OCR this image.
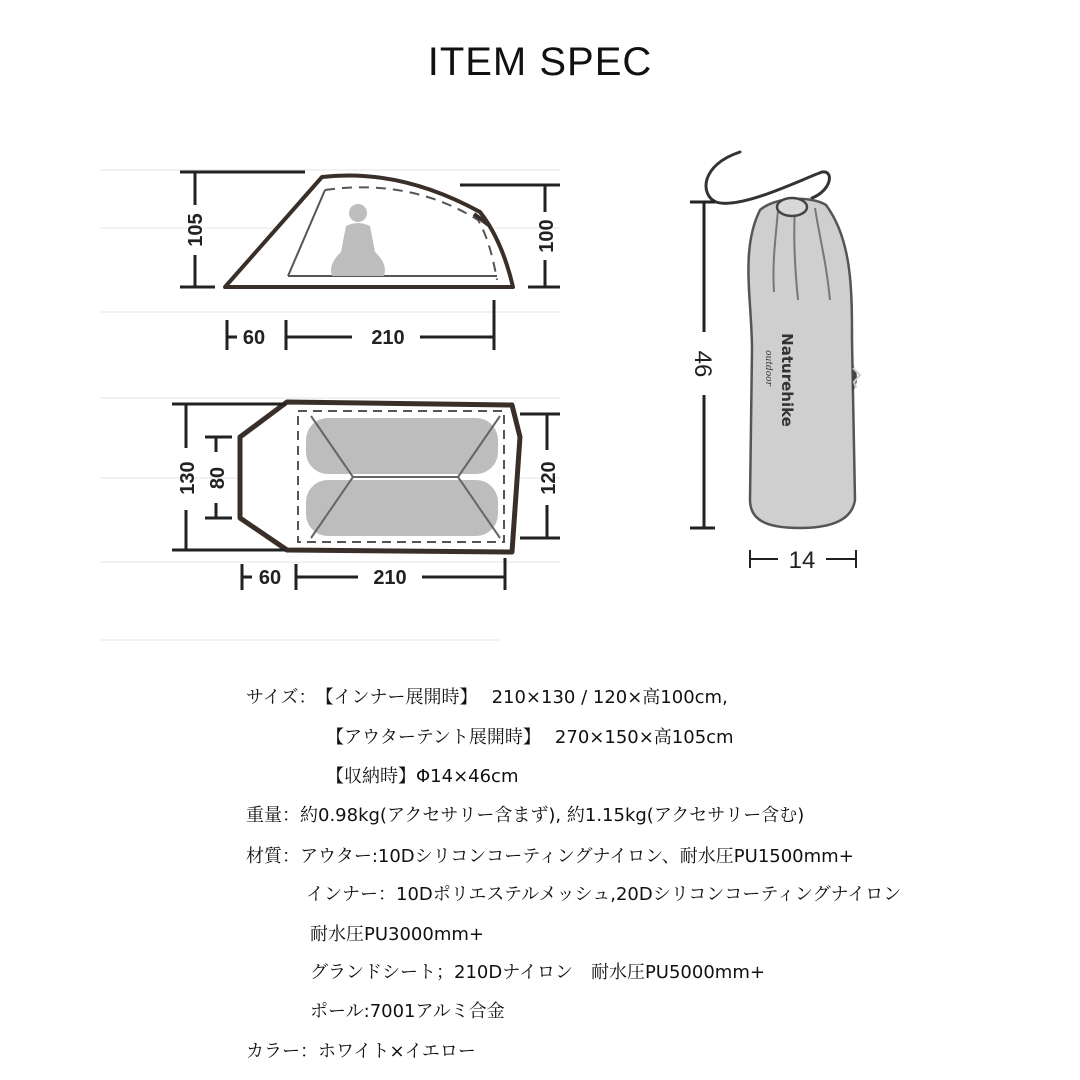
ITEM SPEC
105	100
60	210
130 80	120
60	210
Naturehike
outdoor
46
14
サイズ： 【インナー展開時】 210×130 / 120×高100cm,
【アウターテント展開時】 270×150×高105cm
【収納時】Φ14×46cm
重量：約0.98kg(アクセサリー含まず), 約1.15kg(アクセサリー含む)
材質：アウター:10Dシリコンコーティングナイロン、耐水圧PU1500mm+
インナー：10Dポリエステルメッシュ,20Dシリコンコーティングナイロン
耐水圧PU3000mm+
グランドシート；210Dナイロン　耐水圧PU5000mm+
ポール:7001アルミ合金
カラー：ホワイト×イエロー
